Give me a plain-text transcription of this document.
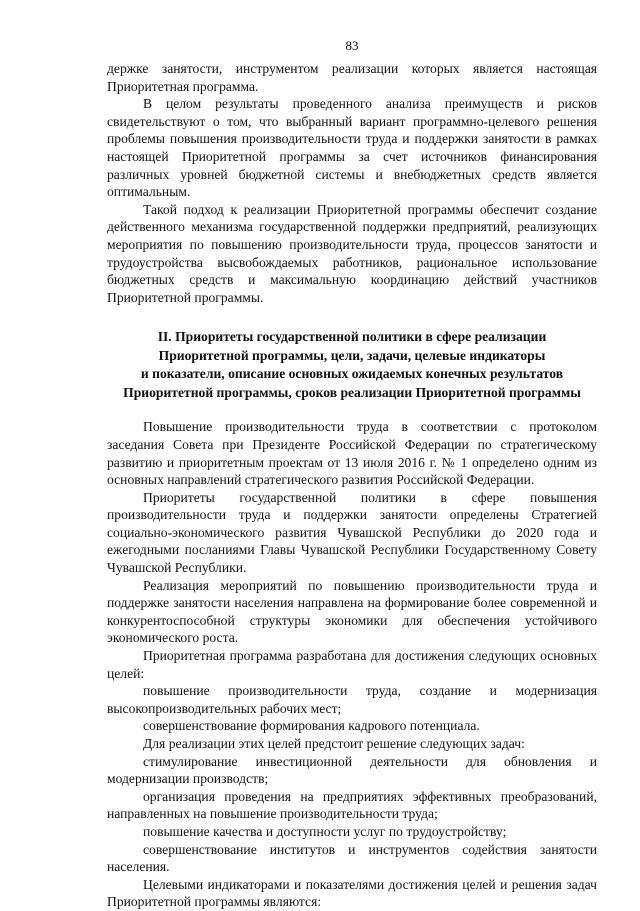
83

держке занятости, инструментом реализации которых является настоящая Приоритетная программа.

В целом результаты проведенного анализа преимуществ и рисков свидетельствуют о том, что выбранный вариант программно-целевого решения проблемы повышения производительности труда и поддержки занятости в рамках настоящей Приоритетной программы за счет источников финансирования различных уровней бюджетной системы и внебюджетных средств является оптимальным.

Такой подход к реализации Приоритетной программы обеспечит создание действенного механизма государственной поддержки предприятий, реализующих мероприятия по повышению производительности труда, процессов занятости и трудоустройства высвобождаемых работников, рациональное использование бюджетных средств и максимальную координацию действий участников Приоритетной программы.

II. Приоритеты государственной политики в сфере реализации
Приоритетной программы, цели, задачи, целевые индикаторы
и показатели, описание основных ожидаемых конечных результатов
Приоритетной программы, сроков реализации Приоритетной программы

Повышение производительности труда в соответствии с протоколом заседания Совета при Президенте Российской Федерации по стратегическому развитию и приоритетным проектам от 13 июля 2016 г. № 1 определено одним из основных направлений стратегического развития Российской Федерации.

Приоритеты государственной политики в сфере повышения производительности труда и поддержки занятости определены Стратегией социально-экономического развития Чувашской Республики до 2020 года и ежегодными посланиями Главы Чувашской Республики Государственному Совету Чувашской Республики.

Реализация мероприятий по повышению производительности труда и поддержке занятости населения направлена на формирование более современной и конкурентоспособной структуры экономики для обеспечения устойчивого экономического роста.

Приоритетная программа разработана для достижения следующих основных целей:

повышение производительности труда, создание и модернизация высокопроизводительных рабочих мест;

совершенствование формирования кадрового потенциала.

Для реализации этих целей предстоит решение следующих задач:

стимулирование инвестиционной деятельности для обновления и модернизации производств;

организация проведения на предприятиях эффективных преобразований, направленных на повышение производительности труда;

повышение качества и доступности услуг по трудоустройству;

совершенствование институтов и инструментов содействия занятости населения.

Целевыми индикаторами и показателями достижения целей и решения задач Приоритетной программы являются:
